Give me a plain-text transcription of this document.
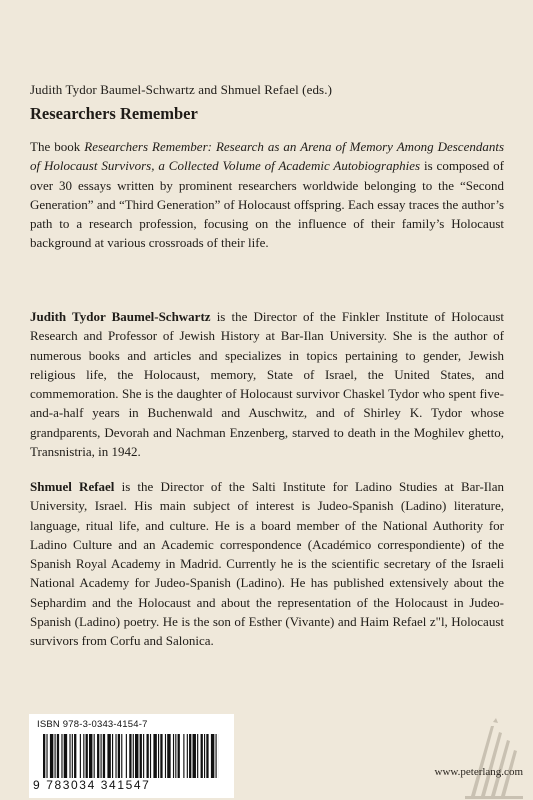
Judith Tydor Baumel-Schwartz and Shmuel Refael (eds.)
Researchers Remember

The book Researchers Remember: Research as an Arena of Memory Among Descendants of Holocaust Survivors, a Collected Volume of Academic Autobiographies is composed of over 30 essays written by prominent researchers worldwide belonging to the “Second Generation” and “Third Generation” of Holocaust offspring. Each essay traces the author’s path to a research profession, focusing on the influence of their family’s Holocaust background at various crossroads of their life.

Judith Tydor Baumel-Schwartz is the Director of the Finkler Institute of Holocaust Research and Professor of Jewish History at Bar-Ilan University. She is the author of numerous books and articles and specializes in topics pertaining to gender, Jewish religious life, the Holocaust, memory, State of Israel, the United States, and commemoration. She is the daughter of Holocaust survivor Chaskel Tydor who spent five-and-a-half years in Buchenwald and Auschwitz, and of Shirley K. Tydor whose grandparents, Devorah and Nachman Enzenberg, starved to death in the Moghilev ghetto, Transnistria, in 1942.

Shmuel Refael is the Director of the Salti Institute for Ladino Studies at Bar-Ilan University, Israel. His main subject of interest is Judeo-Spanish (Ladino) literature, language, ritual life, and culture. He is a board member of the National Authority for Ladino Culture and an Academic correspondence (Académico correspondiente) of the Spanish Royal Academy in Madrid. Currently he is the scientific secretary of the Israeli National Academy for Judeo-Spanish (Ladino). He has published extensively about the Sephardim and the Holocaust and about the representation of the Holocaust in Judeo-Spanish (Ladino) poetry. He is the son of Esther (Vivante) and Haim Refael z"l, Holocaust survivors from Corfu and Salonica.

ISBN 978-3-0343-4154-7
9 783034 341547
www.peterlang.com
